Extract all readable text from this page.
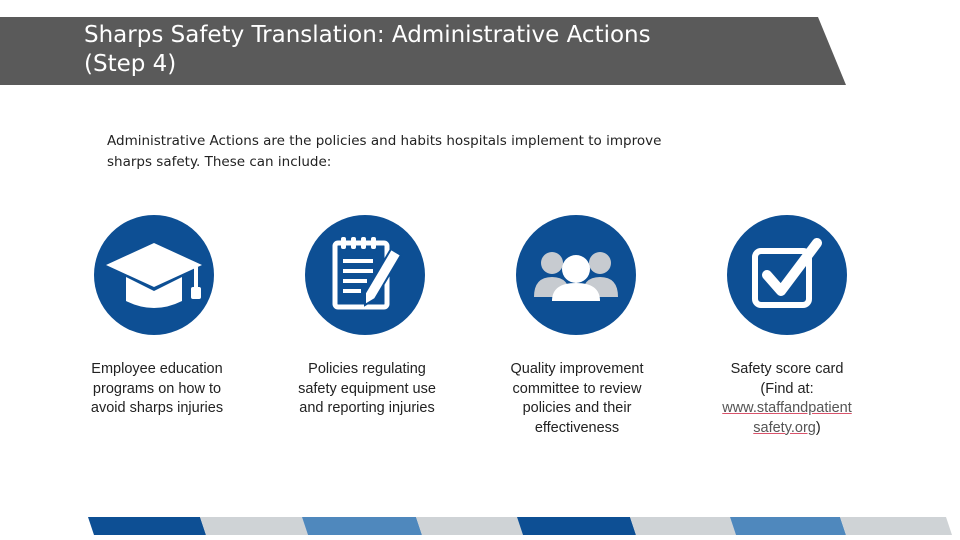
Sharps Safety Translation: Administrative Actions
(Step 4)
Administrative Actions are the policies and habits hospitals implement to improve
sharps safety. These can include:
Employee education
programs on how to
avoid sharps injuries
Policies regulating
safety equipment use
and reporting injuries
Quality improvement
committee to review
policies and their
effectiveness
Safety score card
(Find at:
www.staffandpatient
safety.org)
